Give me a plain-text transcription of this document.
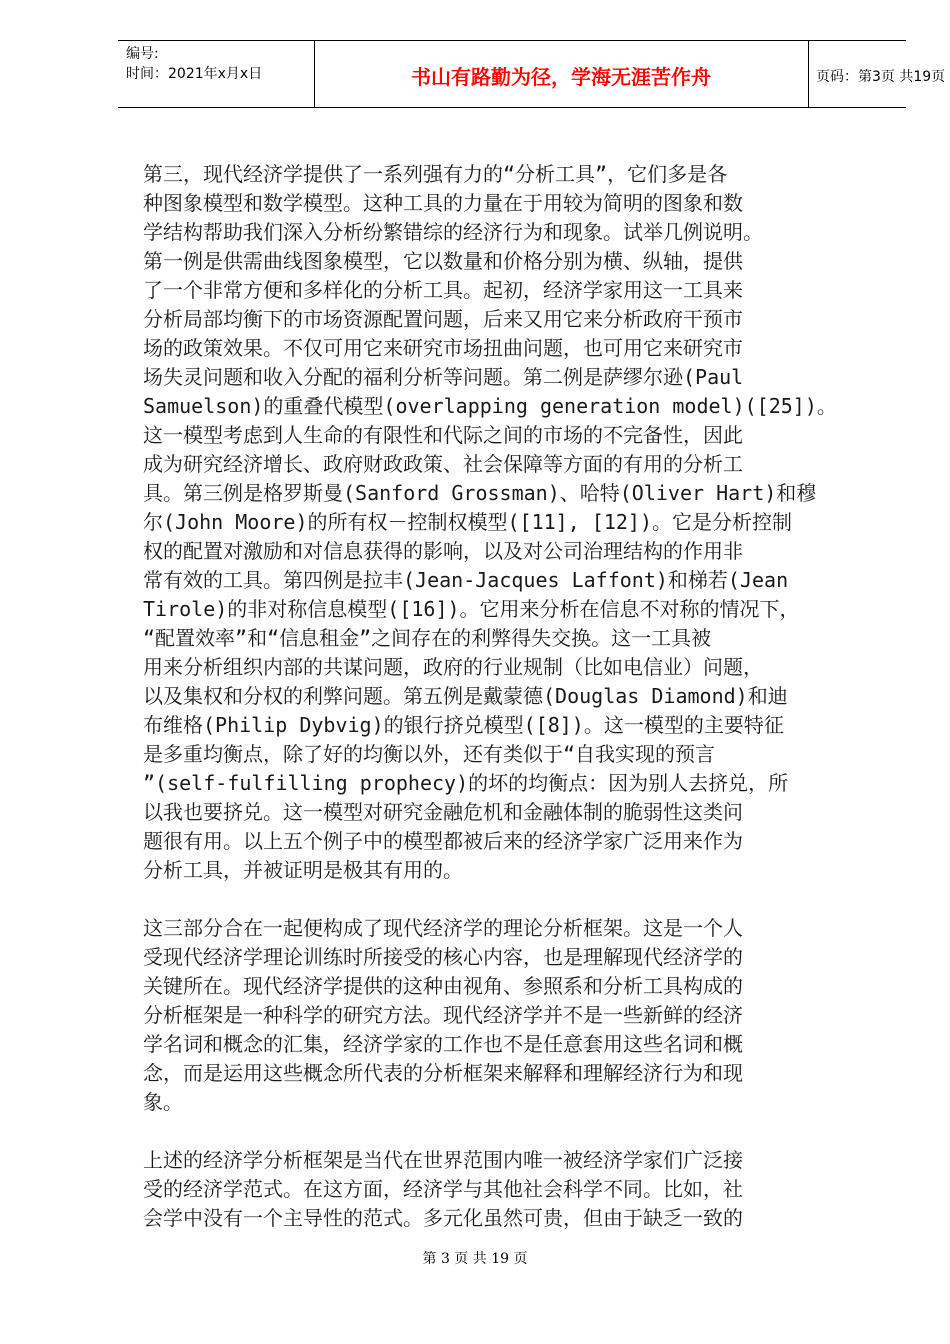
编号:
时间：2021年x月x日	书山有路勤为径，学海无涯苦作舟	页码：第3页 共19页
第三，现代经济学提供了一系列强有力的“分析工具”，它们多是各
种图象模型和数学模型。这种工具的力量在于用较为简明的图象和数
学结构帮助我们深入分析纷繁错综的经济行为和现象。试举几例说明。
第一例是供需曲线图象模型，它以数量和价格分别为横、纵轴，提供
了一个非常方便和多样化的分析工具。起初，经济学家用这一工具来
分析局部均衡下的市场资源配置问题，后来又用它来分析政府干预市
场的政策效果。不仅可用它来研究市场扭曲问题，也可用它来研究市
场失灵问题和收入分配的福利分析等问题。第二例是萨缪尔逊(Paul
Samuelson)的重叠代模型(overlapping generation model)([25])。
这一模型考虑到人生命的有限性和代际之间的市场的不完备性，因此
成为研究经济增长、政府财政政策、社会保障等方面的有用的分析工
具。第三例是格罗斯曼(Sanford Grossman)、哈特(Oliver Hart)和穆
尔(John Moore)的所有权－控制权模型([11], [12])。它是分析控制
权的配置对激励和对信息获得的影响，以及对公司治理结构的作用非
常有效的工具。第四例是拉丰(Jean-Jacques Laffont)和梯若(Jean
Tirole)的非对称信息模型([16])。它用来分析在信息不对称的情况下，
“配置效率”和“信息租金”之间存在的利弊得失交换。这一工具被
用来分析组织内部的共谋问题，政府的行业规制（比如电信业）问题，
以及集权和分权的利弊问题。第五例是戴蒙德(Douglas Diamond)和迪
布维格(Philip Dybvig)的银行挤兑模型([8])。这一模型的主要特征
是多重均衡点，除了好的均衡以外，还有类似于“自我实现的预言
”(self-fulfilling prophecy)的坏的均衡点：因为别人去挤兑，所
以我也要挤兑。这一模型对研究金融危机和金融体制的脆弱性这类问
题很有用。以上五个例子中的模型都被后来的经济学家广泛用来作为
分析工具，并被证明是极其有用的。
这三部分合在一起便构成了现代经济学的理论分析框架。这是一个人
受现代经济学理论训练时所接受的核心内容，也是理解现代经济学的
关键所在。现代经济学提供的这种由视角、参照系和分析工具构成的
分析框架是一种科学的研究方法。现代经济学并不是一些新鲜的经济
学名词和概念的汇集，经济学家的工作也不是任意套用这些名词和概
念，而是运用这些概念所代表的分析框架来解释和理解经济行为和现
象。
上述的经济学分析框架是当代在世界范围内唯一被经济学家们广泛接
受的经济学范式。在这方面，经济学与其他社会科学不同。比如，社
会学中没有一个主导性的范式。多元化虽然可贵，但由于缺乏一致的
第 3 页 共 19 页
